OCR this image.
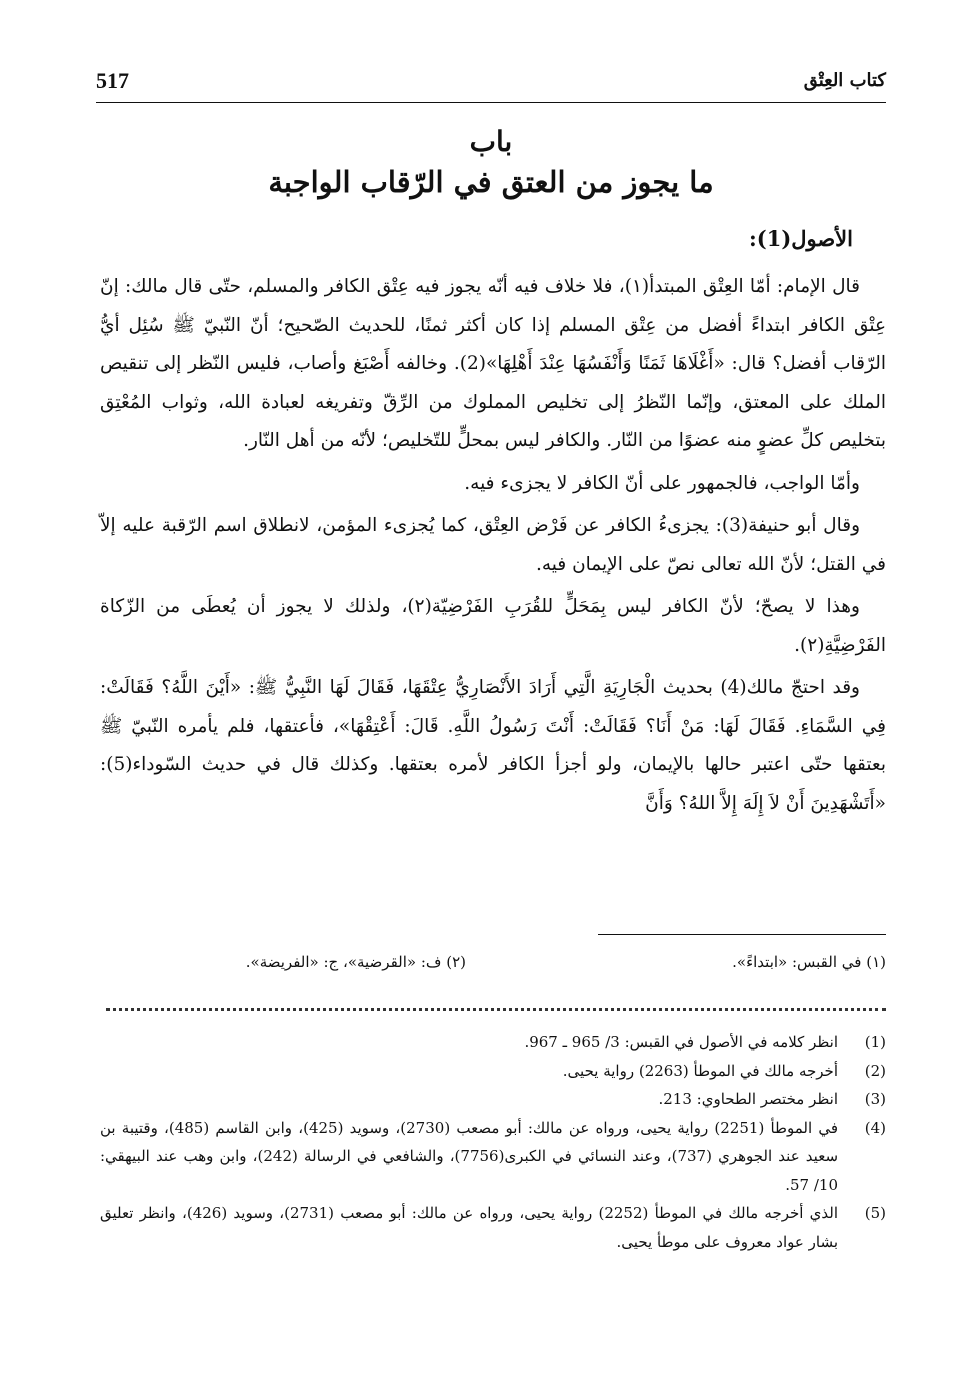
517	كتاب العِتْق
باب
ما يجوز من العتق في الرّقاب الواجبة
الأصول(1):

قال الإمام: أمّا العِتْق المبتدأ(١)، فلا خلاف فيه أنّه يجوز فيه عِتْق الكافر والمسلم، حتّى قال مالك: إنّ عِتْق الكافر ابتداءً أفضل من عِتْق المسلم إذا كان أكثر ثمنًا، للحديث الصّحيح؛ أنّ النّبيّ ﷺ سُئِل أيُّ الرّقاب أفضل؟ قال: «أَغْلَاهَا ثَمَنًا وَأَنْفَسُهَا عِنْدَ أَهْلِهَا»(2). وخالفه أَصْبَغ وأصاب، فليس النّظر إلى تنقيص الملك على المعتق، وإنّما النّظرُ إلى تخليص المملوك من الرِّقّ وتفريغه لعبادة الله، وثواب المُعْتِق بتخليص كلِّ عضوٍ منه عضوًا من النّار. والكافر ليس بمحلٍّ للتّخليص؛ لأنّه من أهل النّار.

وأمّا الواجب، فالجمهور على أنّ الكافر لا يجزىء فيه.

وقال أبو حنيفة(3): يجزىءُ الكافر عن فَرْض العِتْق، كما يُجزىء المؤمن، لانطلاق اسم الرّقبة عليه إلاّ في القتل؛ لأنّ الله تعالى نصّ على الإيمان فيه.

وهذا لا يصحّ؛ لأنّ الكافر ليس بِمَحَلٍّ للقُرَبِ الفَرْضِيّة(٢)، ولذلك لا يجوز أن يُعطَى من الزّكاة الفَرْضِيَّةِ(٢).

وقد احتجّ مالك(4) بحديث الْجَارِيَةِ الَّتِي أَرَادَ الأَنْصَارِيُّ عِتْقَهَا، فَقَالَ لَهَا النَّبِيُّ ﷺ: «أَيْنَ اللَّهُ؟ فَقَالَتْ: فِي السَّمَاءِ. فَقَالَ لَهَا: مَنْ أَنَا؟ فَقَالَتْ: أَنْتَ رَسُولُ اللَّهِ. قَالَ: أَعْتِقْهَا»، فأعتقها، فلم يأمره النّبيّ ﷺ بعتقها حتّى اعتبر حالها بالإيمان، ولو أجزأ الكافر لأمره بعتقها. وكذلك قال في حديث السّوداء(5): «أَتَشْهَدِينَ أَنْ لاَ إِلَهَ إِلاَّ اللهُ؟ وَأَنَّ

(١) في القبس: «ابتداءً».
(٢) ف: «القرضية»، ج: «الفريضة».
(1)
انظر كلامه في الأصول في القبس: 3/ 965 ـ 967.
(2)
أخرجه مالك في الموطأ (2263) رواية يحيى.
(3)
انظر مختصر الطحاوي: 213.
(4)
في الموطأ (2251) رواية يحيى، ورواه عن مالك: أبو مصعب (2730)، وسويد (425)، وابن القاسم (485)، وقتيبة بن سعيد عند الجوهري (737)، وعند النسائي في الكبرى(7756)، والشافعي في الرسالة (242)، وابن وهب عند البيهقي: 10/ 57.
(5)
الذي أخرجه مالك في الموطأ (2252) رواية يحيى، ورواه عن مالك: أبو مصعب (2731)، وسويد (426)، وانظر تعليق بشار عواد معروف على موطأ يحيى.
